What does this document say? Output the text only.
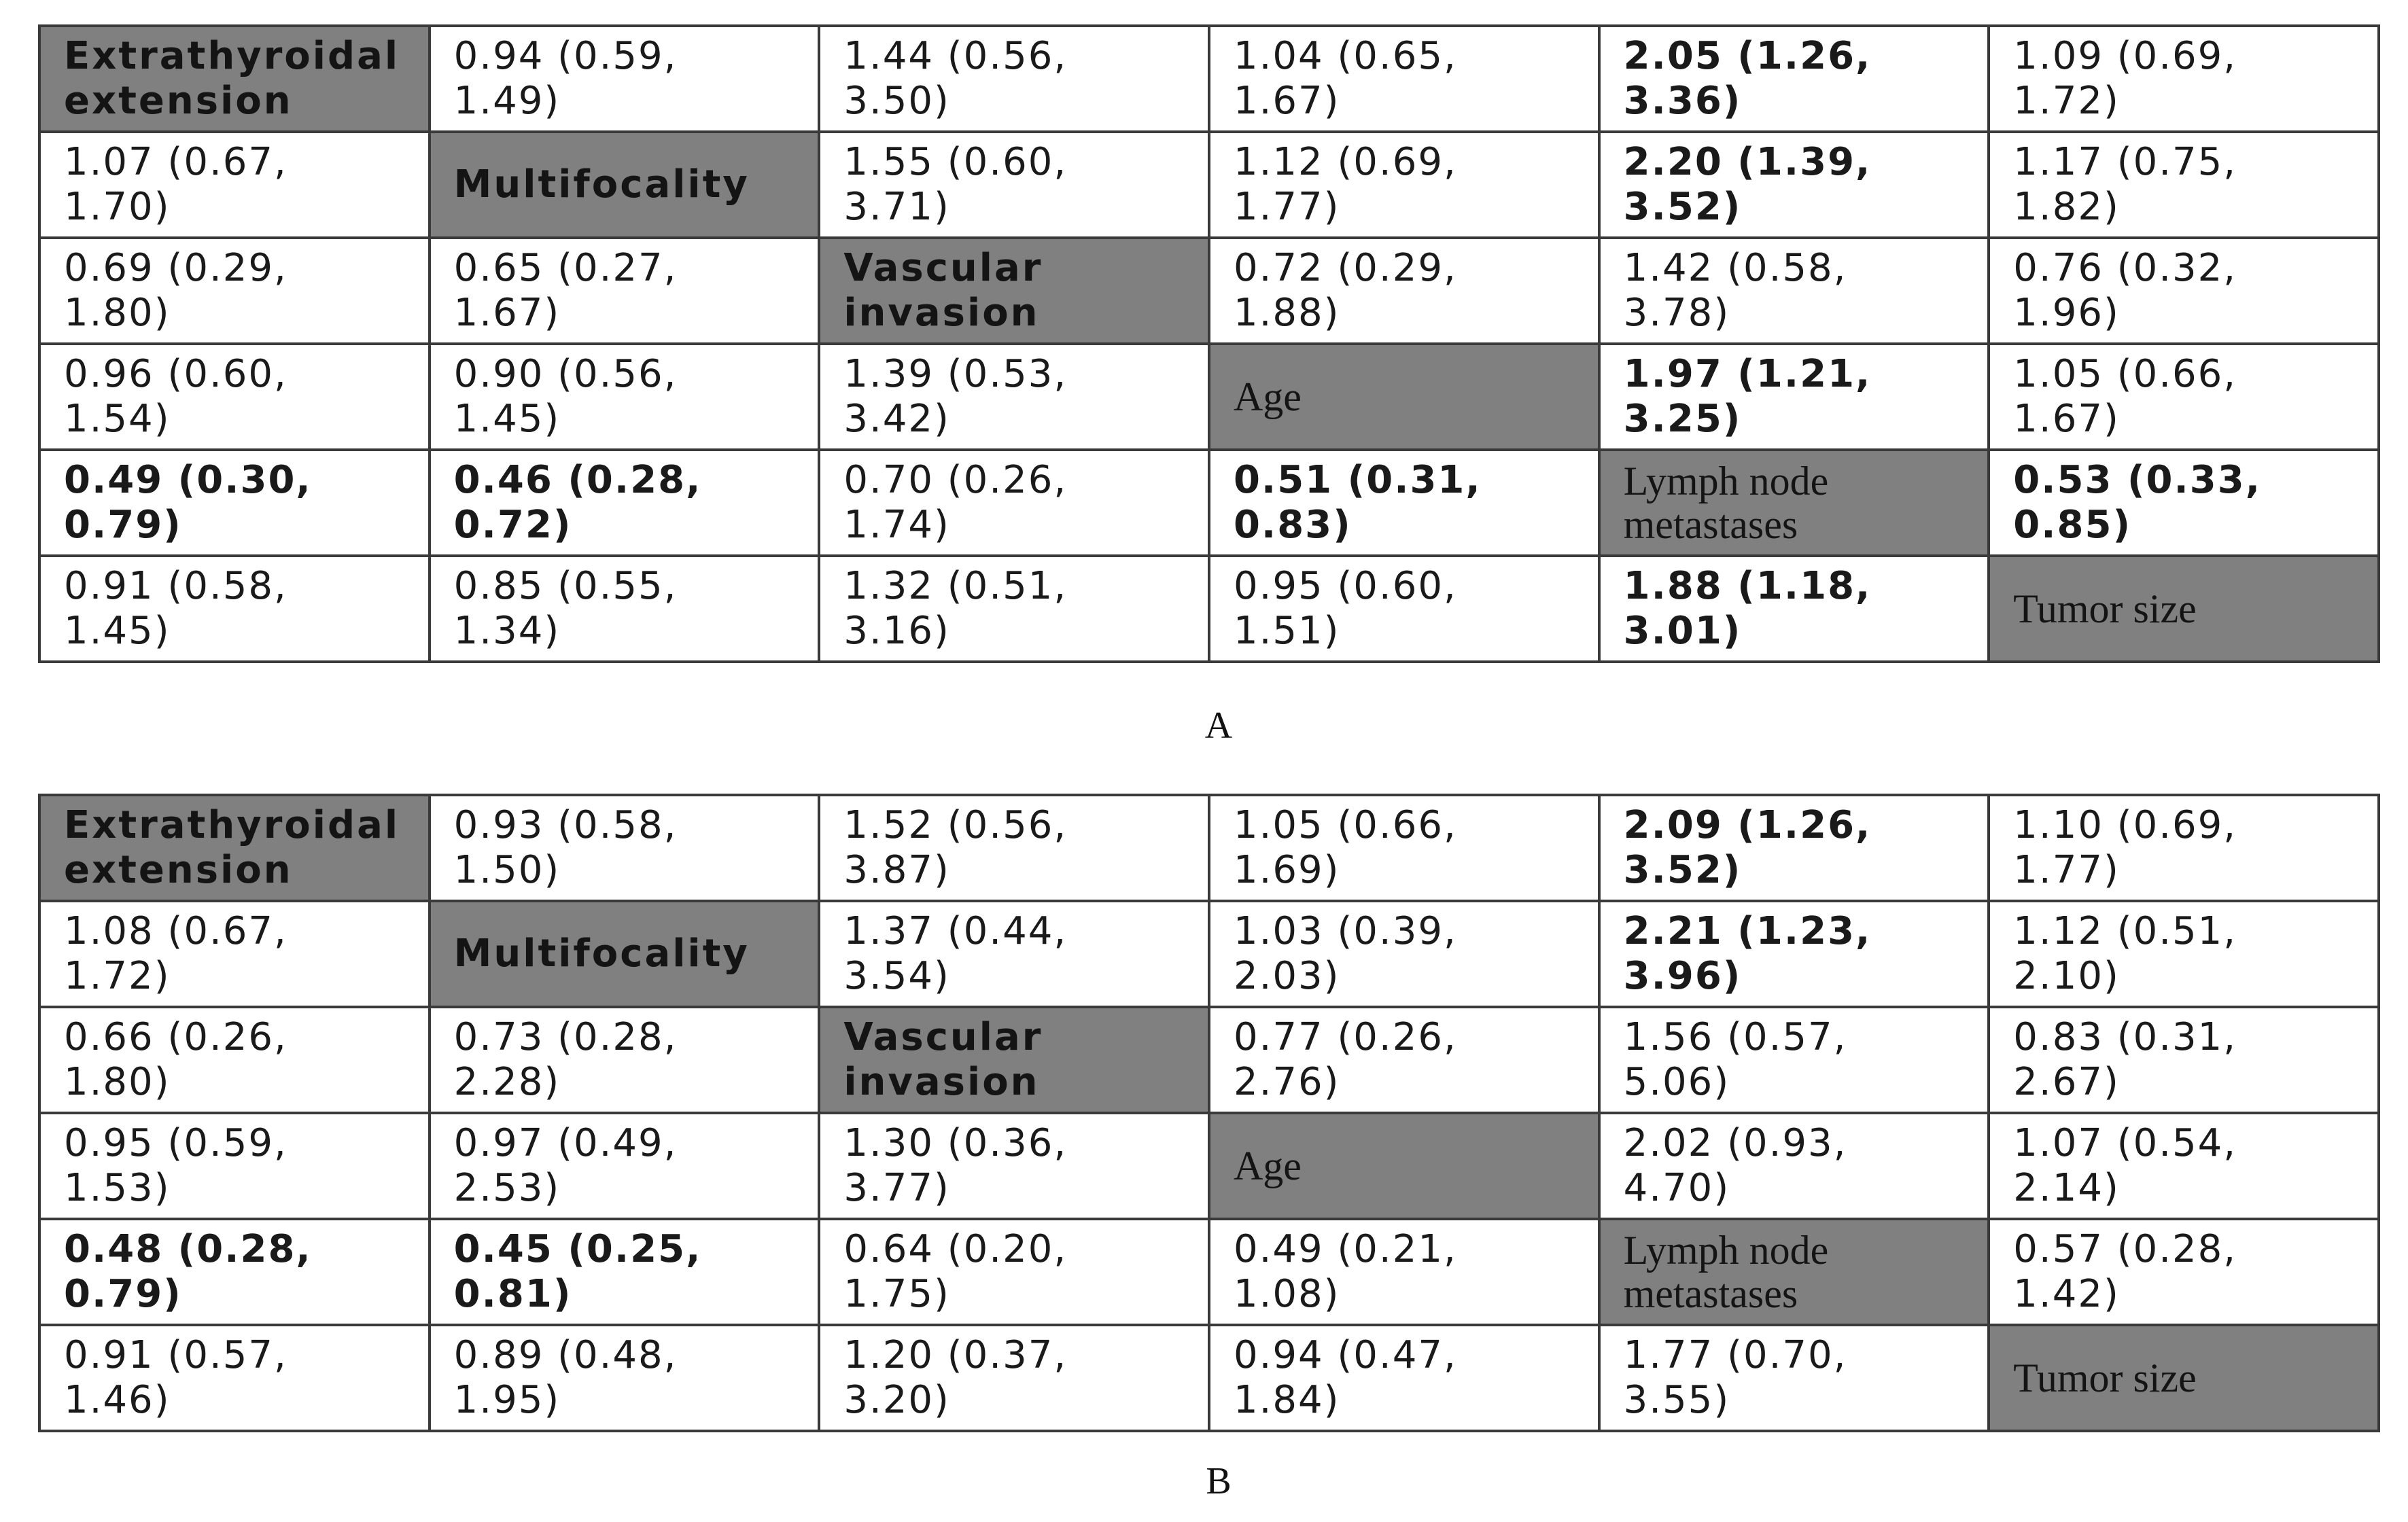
Extrathyroidal extension	0.94 (0.59,
1.49)	1.44 (0.56,
3.50)	1.04 (0.65,
1.67)	2.05 (1.26,
3.36)	1.09 (0.69,
1.72)

1.07 (0.67,
1.70)	Multifocality	1.55 (0.60,
3.71)	1.12 (0.69,
1.77)	2.20 (1.39,
3.52)	1.17 (0.75,
1.82)

0.69 (0.29,
1.80)	0.65 (0.27,
1.67)	Vascular invasion	0.72 (0.29,
1.88)	1.42 (0.58,
3.78)	0.76 (0.32,
1.96)

0.96 (0.60,
1.54)	0.90 (0.56,
1.45)	1.39 (0.53,
3.42)	Age	1.97 (1.21,
3.25)	1.05 (0.66,
1.67)

0.49 (0.30,
0.79)	0.46 (0.28,
0.72)	0.70 (0.26,
1.74)	0.51 (0.31,
0.83)	Lymph node metastases	0.53 (0.33,
0.85)

0.91 (0.58,
1.45)	0.85 (0.55,
1.34)	1.32 (0.51,
3.16)	0.95 (0.60,
1.51)	1.88 (1.18,
3.01)	Tumor size
A
Extrathyroidal extension	0.93 (0.58,
1.50)	1.52 (0.56,
3.87)	1.05 (0.66,
1.69)	2.09 (1.26,
3.52)	1.10 (0.69,
1.77)

1.08 (0.67,
1.72)	Multifocality	1.37 (0.44,
3.54)	1.03 (0.39,
2.03)	2.21 (1.23,
3.96)	1.12 (0.51,
2.10)

0.66 (0.26,
1.80)	0.73 (0.28,
2.28)	Vascular invasion	0.77 (0.26,
2.76)	1.56 (0.57,
5.06)	0.83 (0.31,
2.67)

0.95 (0.59,
1.53)	0.97 (0.49,
2.53)	1.30 (0.36,
3.77)	Age	2.02 (0.93,
4.70)	1.07 (0.54,
2.14)

0.48 (0.28,
0.79)	0.45 (0.25,
0.81)	0.64 (0.20,
1.75)	0.49 (0.21,
1.08)	Lymph node metastases	0.57 (0.28,
1.42)

0.91 (0.57,
1.46)	0.89 (0.48,
1.95)	1.20 (0.37,
3.20)	0.94 (0.47,
1.84)	1.77 (0.70,
3.55)	Tumor size
B
